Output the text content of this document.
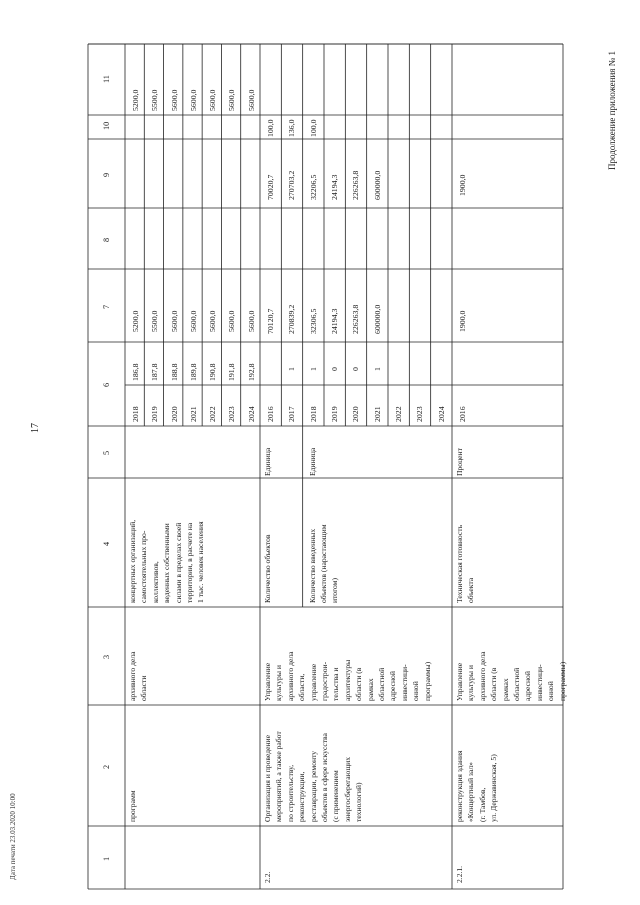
17
Продолжение приложения № 1
Дата печати 23.03.2020 10:00	1
2
3
4
5
6
7
8
9
10
11
программ
архивного дела области
концертных организаций, самостоятельных про- коллективов, веденных собственными силами в пределах своей территории, в расчете на 1 тыс. человек населения
2018
186,8
5200,0
5200,0
2019
187,8
5500,0
5500,0
2020
188,8
5600,0
5600,0
2021
189,8
5600,0
5600,0
2022
190,8
5600,0
5600,0
2023
191,8
5600,0
5600,0
2024
192,8
5600,0
5600,0
2.2.
Организация и проведение мероприятий, а также работ по строительству, реконструкции, реставрации, ремонту объектов в сфере искусства (с применением энергосберегающих технологий)
Управление культуры и архивного дела области, управление градострои- тельства и архитектуры области (в рамках областной адресной инвестици- онной программы)
Количество объектов
Единица
Количество введенных объектов (нарастающим итогом)
Единица
2016
70120,7
70020,7
100,0
2017
1
270839,2
270703,2
136,0
2018
1
32306,5
32206,5
100,0
2019
0
24194,3
24194,3
2020
0
226263,8
226263,8
2021
1
600000,0
600000,0
2022 2023 2024
2.2.1.
реконструкция здания «Концертный зал» (г. Тамбов, ул. Державинская, 5)
Управление культуры и архивного дела области (в рамках областной адресной инвестици- онной программы)
Техническая готовность объекта
Процент
2016
1900,0
1900,0
